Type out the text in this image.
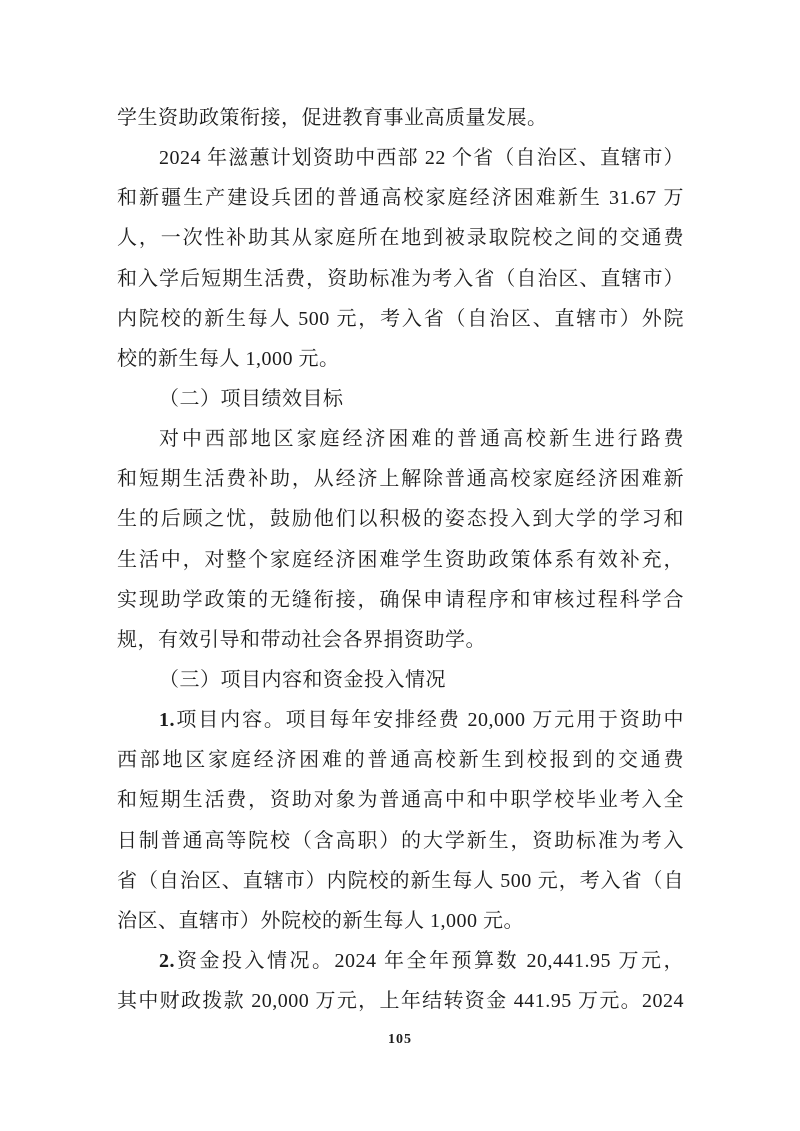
学生资助政策衔接，促进教育事业高质量发展。
2024 年滋蕙计划资助中西部 22 个省（自治区、直辖市）
和新疆生产建设兵团的普通高校家庭经济困难新生 31.67 万
人，一次性补助其从家庭所在地到被录取院校之间的交通费
和入学后短期生活费，资助标准为考入省（自治区、直辖市）
内院校的新生每人 500 元，考入省（自治区、直辖市）外院
校的新生每人 1,000 元。
（二）项目绩效目标
对中西部地区家庭经济困难的普通高校新生进行路费
和短期生活费补助，从经济上解除普通高校家庭经济困难新
生的后顾之忧，鼓励他们以积极的姿态投入到大学的学习和
生活中，对整个家庭经济困难学生资助政策体系有效补充，
实现助学政策的无缝衔接，确保申请程序和审核过程科学合
规，有效引导和带动社会各界捐资助学。
（三）项目内容和资金投入情况
1.项目内容。项目每年安排经费 20,000 万元用于资助中
西部地区家庭经济困难的普通高校新生到校报到的交通费
和短期生活费，资助对象为普通高中和中职学校毕业考入全
日制普通高等院校（含高职）的大学新生，资助标准为考入
省（自治区、直辖市）内院校的新生每人 500 元，考入省（自
治区、直辖市）外院校的新生每人 1,000 元。
2.资金投入情况。2024 年全年预算数 20,441.95 万元，
其中财政拨款 20,000 万元，上年结转资金 441.95 万元。2024
105
